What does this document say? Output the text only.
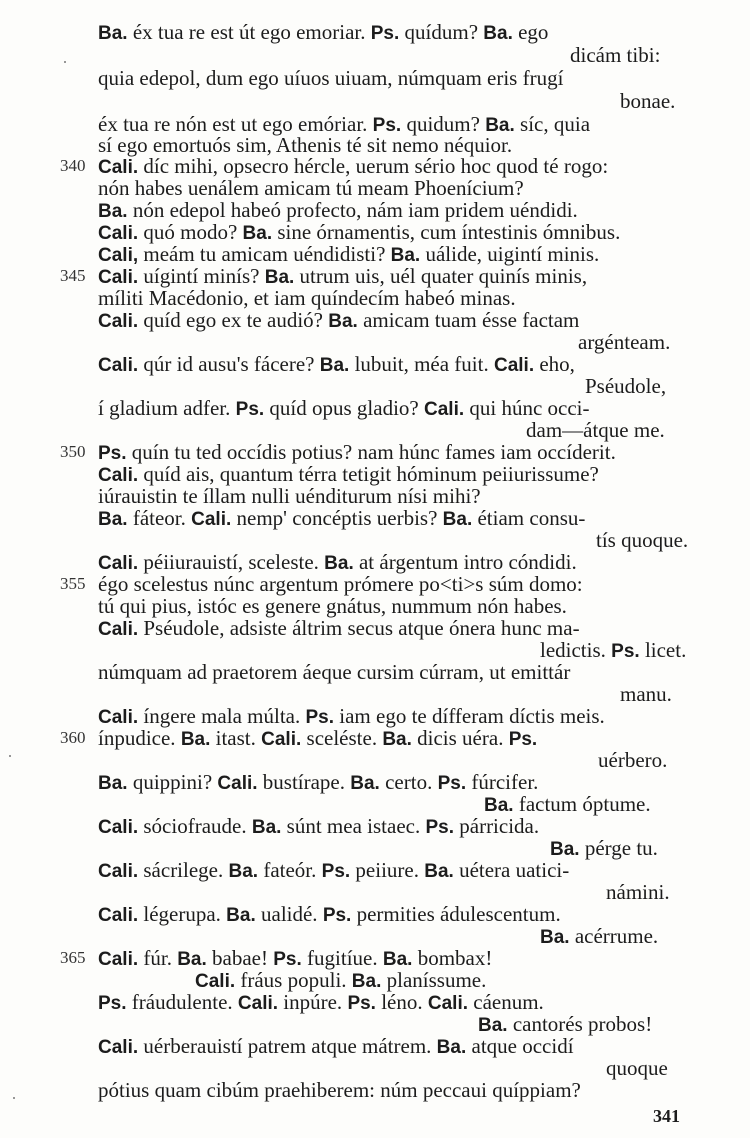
341
Ba. éx tua re est út ego emoriar. Ps. quídum? Ba. ego
dicám tibi:
quia edepol, dum ego uíuos uiuam, númquam eris frugí
bonae.
éx tua re nón est ut ego emóriar. Ps. quidum? Ba. síc, quia
sí ego emortuós sim, Athenis té sit nemo néquior.
340 Cali. díc mihi, opsecro hércle, uerum sério hoc quod té rogo:
nón habes uenálem amicam tú meam Phoenícium?
Ba. nón edepol habeó profecto, nám iam pridem uéndidi.
Cali. quó modo? Ba. sine órnamentis, cum íntestinis ómnibus.
Cali, meám tu amicam uéndidisti? Ba. uálide, uigintí minis.
345 Cali. uígintí minís? Ba. utrum uis, uél quater quinís minis,
míliti Macédonio, et iam quíndecím habeó minas.
Cali. quíd ego ex te audió? Ba. amicam tuam ésse factam
argénteam.
Cali. qúr id ausu's fácere? Ba. lubuit, méa fuit. Cali. eho,
Pséudole,
í gladium adfer. Ps. quíd opus gladio? Cali. qui húnc occi-
dam—átque me.
350 Ps. quín tu ted occídis potius? nam húnc fames iam occíderit.
Cali. quíd ais, quantum térra tetigit hóminum peiiurissume?
iúrauistin te íllam nulli uénditurum nísi mihi?
Ba. fáteor. Cali. nemp' concéptis uerbis? Ba. étiam consu-
tís quoque.
Cali. péiiurauistí, sceleste. Ba. at árgentum intro cóndidi.
355 égo scelestus núnc argentum prómere po<ti>s súm domo:
tú qui pius, istóc es genere gnátus, nummum nón habes.
Cali. Pséudole, adsiste áltrim secus atque ónera hunc ma-
ledictis. Ps. licet.
númquam ad praetorem áeque cursim cúrram, ut emittár
manu.
Cali. íngere mala múlta. Ps. iam ego te dífferam díctis meis.
360 ínpudice. Ba. itast. Cali. sceléste. Ba. dicis uéra. Ps.
uérbero.
Ba. quippini? Cali. bustírape. Ba. certo. Ps. fúrcifer.
Ba. factum óptume.
Cali. sóciofraude. Ba. súnt mea istaec. Ps. párricida.
Ba. pérge tu.
Cali. sácrilege. Ba. fateór. Ps. peiiure. Ba. uétera uatici-
námini.
Cali. légerupa. Ba. ualidé. Ps. permities ádulescentum.
Ba. acérrume.
365 Cali. fúr. Ba. babae! Ps. fugitíue. Ba. bombax!
Cali. fráus populi. Ba. planíssume.
Ps. fráudulente. Cali. inpúre. Ps. léno. Cali. cáenum.
Ba. cantorés probos!
Cali. uérberauistí patrem atque mátrem. Ba. atque occidí
quoque
pótius quam cibúm praehiberem: núm peccaui quíppiam?
